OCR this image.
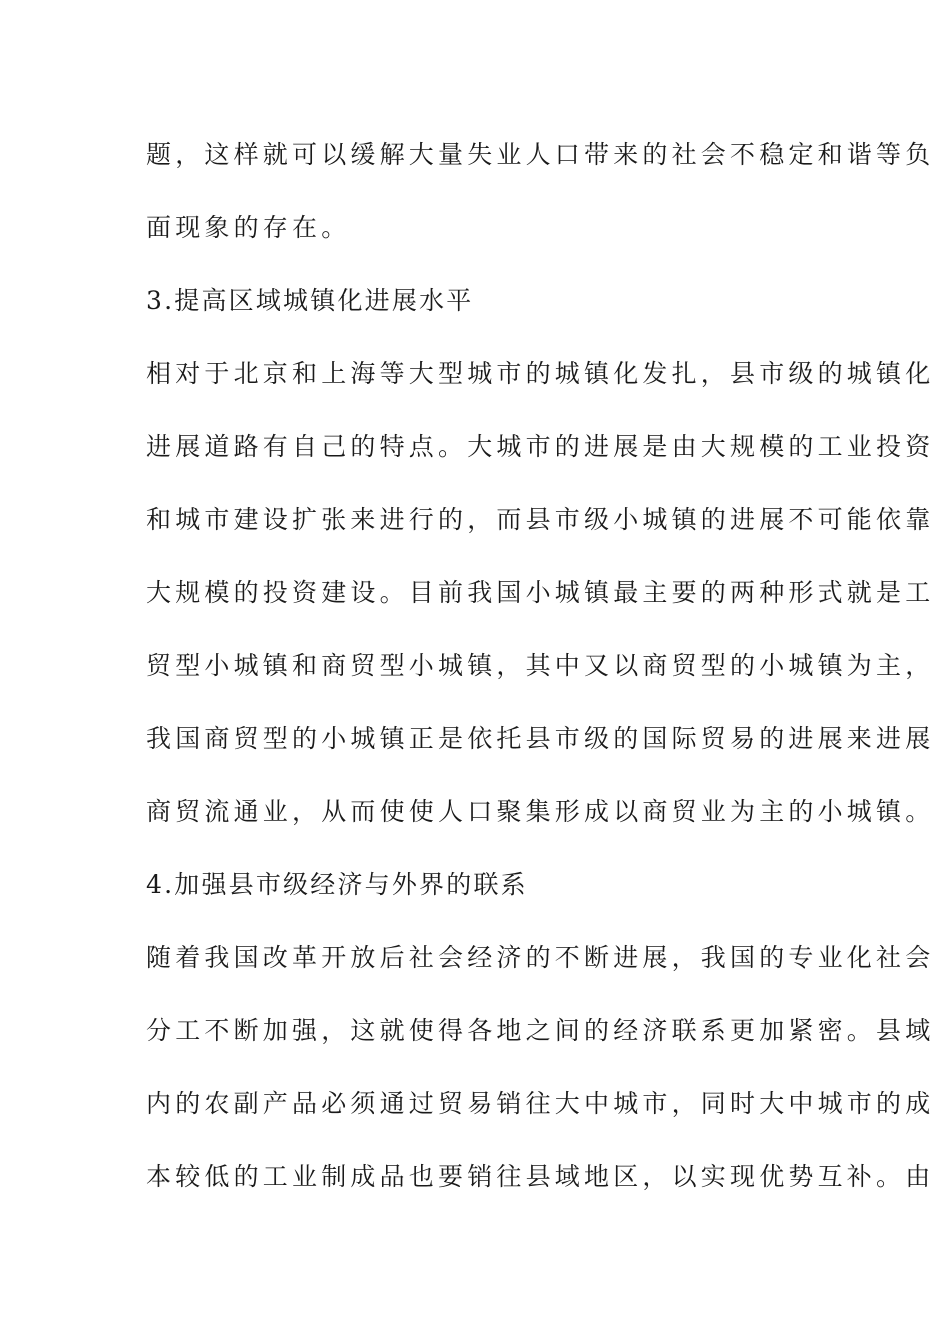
题，这样就可以缓解大量失业人口带来的社会不稳定和谐等负
面现象的存在。
3.提高区域城镇化进展水平
相对于北京和上海等大型城市的城镇化发扎，县市级的城镇化
进展道路有自己的特点。大城市的进展是由大规模的工业投资
和城市建设扩张来进行的，而县市级小城镇的进展不可能依靠
大规模的投资建设。目前我国小城镇最主要的两种形式就是工
贸型小城镇和商贸型小城镇，其中又以商贸型的小城镇为主，
我国商贸型的小城镇正是依托县市级的国际贸易的进展来进展
商贸流通业，从而使使人口聚集形成以商贸业为主的小城镇。
4.加强县市级经济与外界的联系
随着我国改革开放后社会经济的不断进展，我国的专业化社会
分工不断加强，这就使得各地之间的经济联系更加紧密。县域
内的农副产品必须通过贸易销往大中城市，同时大中城市的成
本较低的工业制成品也要销往县域地区，以实现优势互补。由
